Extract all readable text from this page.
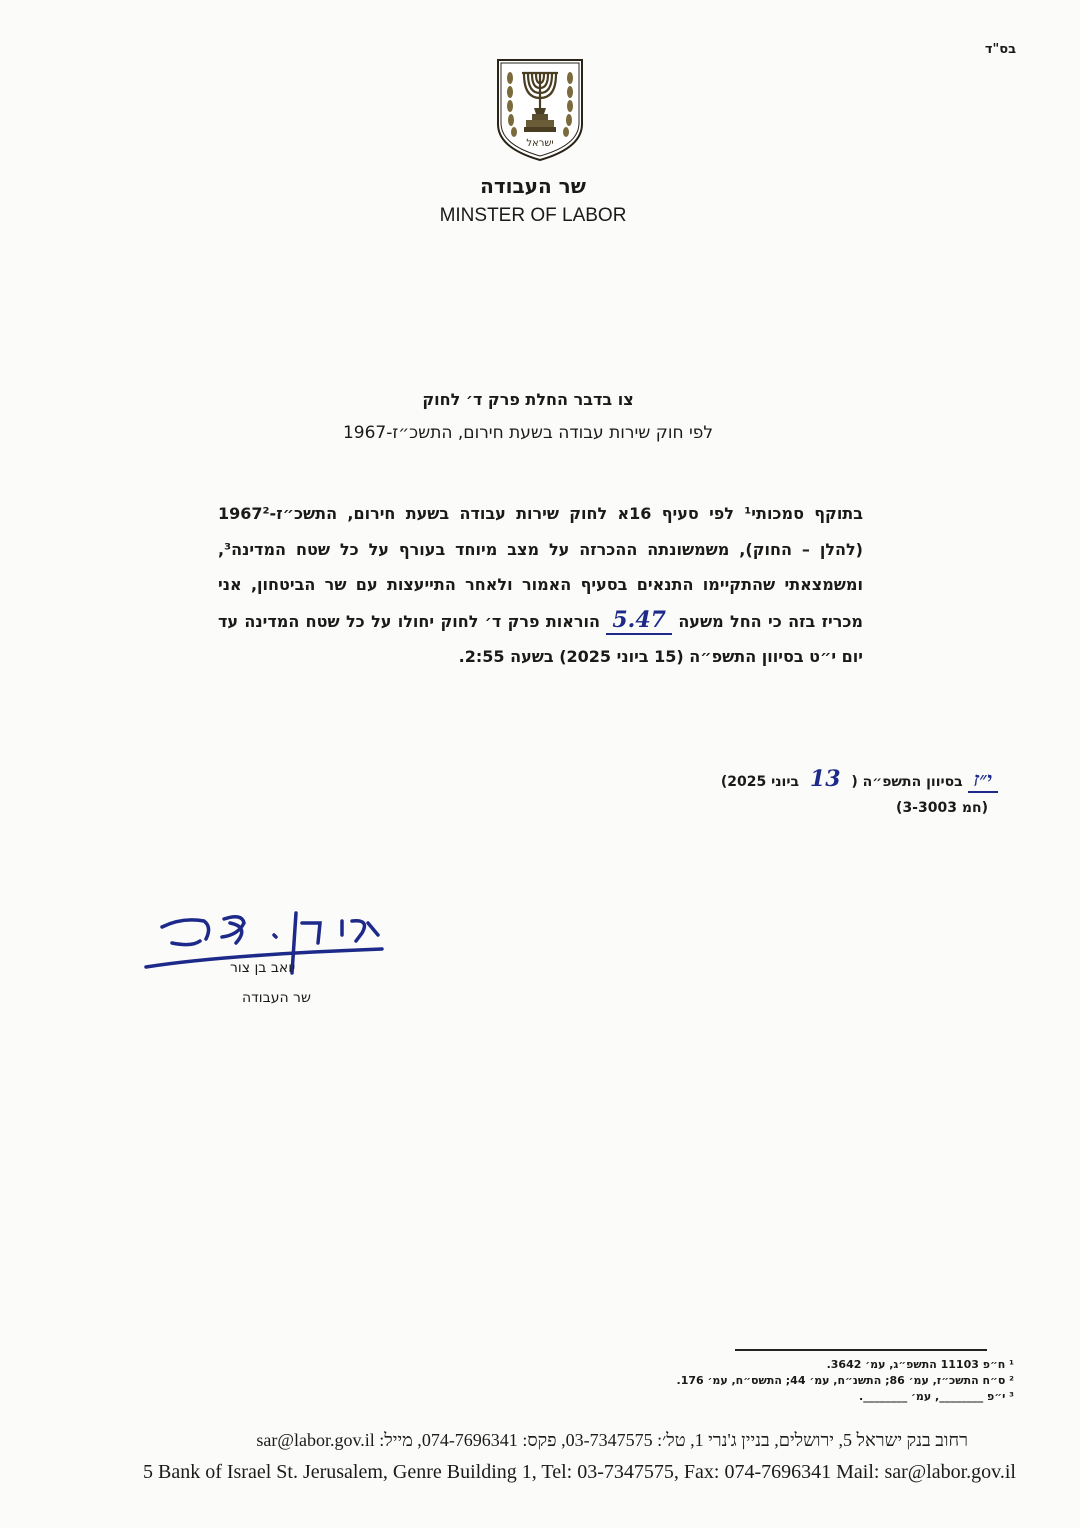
בס"ד
ישראל
שר העבודה
MINSTER OF LABOR
צו בדבר החלת פרק ד׳ לחוק
לפי חוק שירות עבודה בשעת חירום, התשכ״ז-1967
בתוקף סמכותי¹ לפי סעיף 16א לחוק שירות עבודה בשעת חירום, התשכ״ז-1967² (להלן – החוק), משמשונתה ההכרזה על מצב מיוחד בעורף על כל שטח המדינה³, ומשמצאתי שהתקיימו התנאים בסעיף האמור ולאחר התייעצות עם שר הביטחון, אני מכריז בזה כי החל משעה 5.47 הוראות פרק ד׳ לחוק יחולו על כל שטח המדינה עד יום י״ט בסיוון התשפ״ה (15 ביוני 2025) בשעה 2:55.
י״ז בסיוון התשפ״ה ( 13 ביוני 2025)
(חמ 3-3003)
יואב בן צור
שר העבודה
¹ ח״פ 11103 התשפ״ג, עמ׳ 3642.
² ס״ח התשכ״ז, עמ׳ 86; התשנ״ח, עמ׳ 44; התשס״ח, עמ׳ 176.
³ י״פ ________, עמ׳ ________.
רחוב בנק ישראל 5, ירושלים, בניין ג'נרי 1, טל׳: 03-7347575, פקס: 074-7696341, מייל: sar@labor.gov.il
5 Bank of Israel St. Jerusalem, Genre Building 1, Tel: 03-7347575, Fax: 074-7696341 Mail: sar@labor.gov.il
